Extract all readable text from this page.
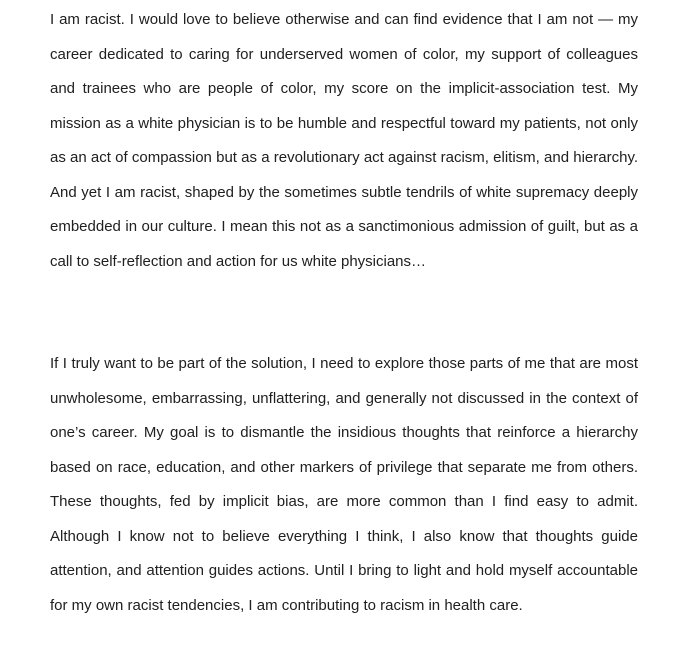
I am racist. I would love to believe otherwise and can find evidence that I am not — my career dedicated to caring for underserved women of color, my support of colleagues and trainees who are people of color, my score on the implicit-association test. My mission as a white physician is to be humble and respectful toward my patients, not only as an act of compassion but as a revolutionary act against racism, elitism, and hierarchy. And yet I am racist, shaped by the sometimes subtle tendrils of white supremacy deeply embedded in our culture. I mean this not as a sanctimonious admission of guilt, but as a call to self-reflection and action for us white physicians…

If I truly want to be part of the solution, I need to explore those parts of me that are most unwholesome, embarrassing, unflattering, and generally not discussed in the context of one’s career. My goal is to dismantle the insidious thoughts that reinforce a hierarchy based on race, education, and other markers of privilege that separate me from others. These thoughts, fed by implicit bias, are more common than I find easy to admit. Although I know not to believe everything I think, I also know that thoughts guide attention, and attention guides actions. Until I bring to light and hold myself accountable for my own racist tendencies, I am contributing to racism in health care.
